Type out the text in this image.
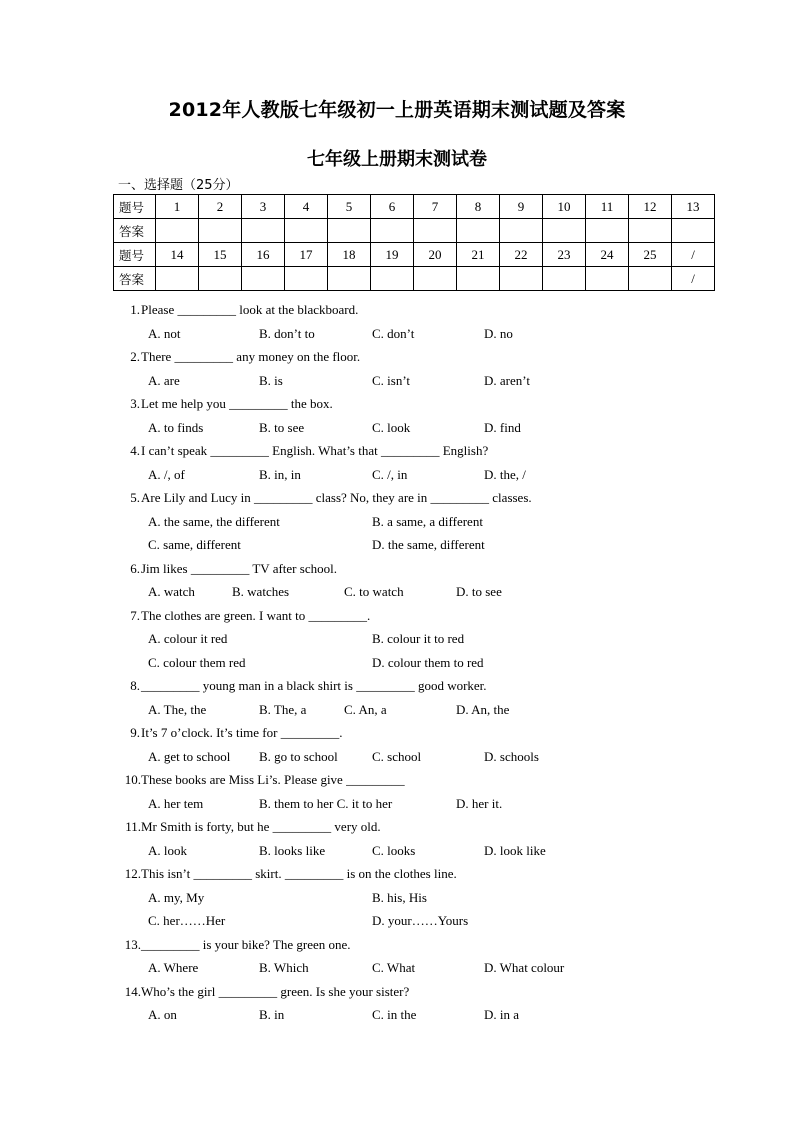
2012年人教版七年级初一上册英语期末测试题及答案
七年级上册期末测试卷
一、选择题（25分）
题号	1	2	3	4	5	6	7	8	9	10	11	12	13
答案													
题号	14	15	16	17	18	19	20	21	22	23	24	25	/
答案													/
1. Please _________ look at the blackboard.
A. not	B. don’t to	C. don’t	D. no
2. There _________ any money on the floor.
A. are	B. is	C. isn’t	D. aren’t
3. Let me help you _________ the box.
A. to finds	B. to see	C. look	D. find
4. I can’t speak _________ English. What’s that _________ English?
A. /, of	B. in, in	C. /, in	D. the, /
5. Are Lily and Lucy in _________ class? No, they are in _________ classes.
A. the same, the different	B. a same, a different
C. same, different	D. the same, different
6. Jim likes _________ TV after school.
A. watch	B. watches	C. to watch	D. to see
7. The clothes are green. I want to _________.
A. colour it red	B. colour it to red
C. colour them red	D. colour them to red
8. _________ young man in a black shirt is _________ good worker.
A. The, the	B. The, a	C. An, a	D. An, the
9. It’s 7 o’clock. It’s time for _________.
A. get to school B. go to school	C. school	D. schools
10. These books are Miss Li’s. Please give _________
A. her tem	B. them to her C. it to her	D. her it.
11. Mr Smith is forty, but he _________ very old.
A. look	B. looks like	C. looks	D. look like
12. This isn’t _________ skirt. _________ is on the clothes line.
A. my, My	B. his, His
C. her……Her	D. your……Yours
13. _________ is your bike? The green one.
A. Where	B. Which	C. What	D. What colour
14. Who’s the girl _________ green. Is she your sister?
A. on	B. in	C. in the	D. in a
